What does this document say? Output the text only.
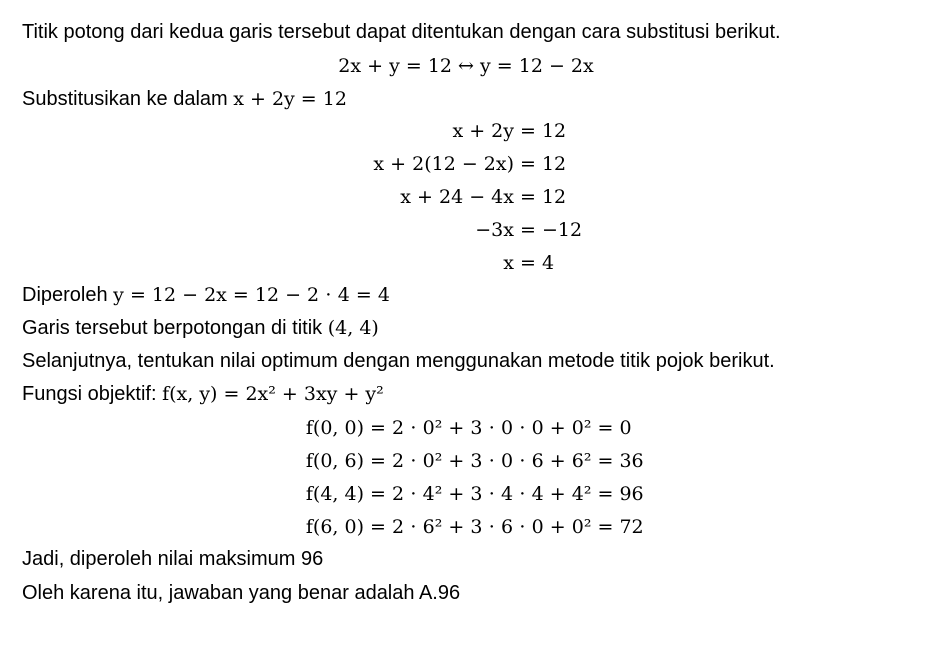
Titik potong dari kedua garis tersebut dapat ditentukan dengan cara substitusi berikut.
2x + y = 12 ↔ y = 12 − 2x
Substitusikan ke dalam x + 2y = 12
x + 2y = 12
x + 2(12 − 2x) = 12
x + 24 − 4x = 12
−3x = −12
x = 4
Diperoleh y = 12 − 2x = 12 − 2 ⋅ 4 = 4
Garis tersebut berpotongan di titik (4, 4)
Selanjutnya, tentukan nilai optimum dengan menggunakan metode titik pojok berikut.
Fungsi objektif: f(x, y) = 2x² + 3xy + y²
f(0, 0) = 2 ⋅ 0² + 3 ⋅ 0 ⋅ 0 + 0² = 0
f(0, 6) = 2 ⋅ 0² + 3 ⋅ 0 ⋅ 6 + 6² = 36
f(4, 4) = 2 ⋅ 4² + 3 ⋅ 4 ⋅ 4 + 4² = 96
f(6, 0) = 2 ⋅ 6² + 3 ⋅ 6 ⋅ 0 + 0² = 72
Jadi, diperoleh nilai maksimum 96
Oleh karena itu, jawaban yang benar adalah A.96
